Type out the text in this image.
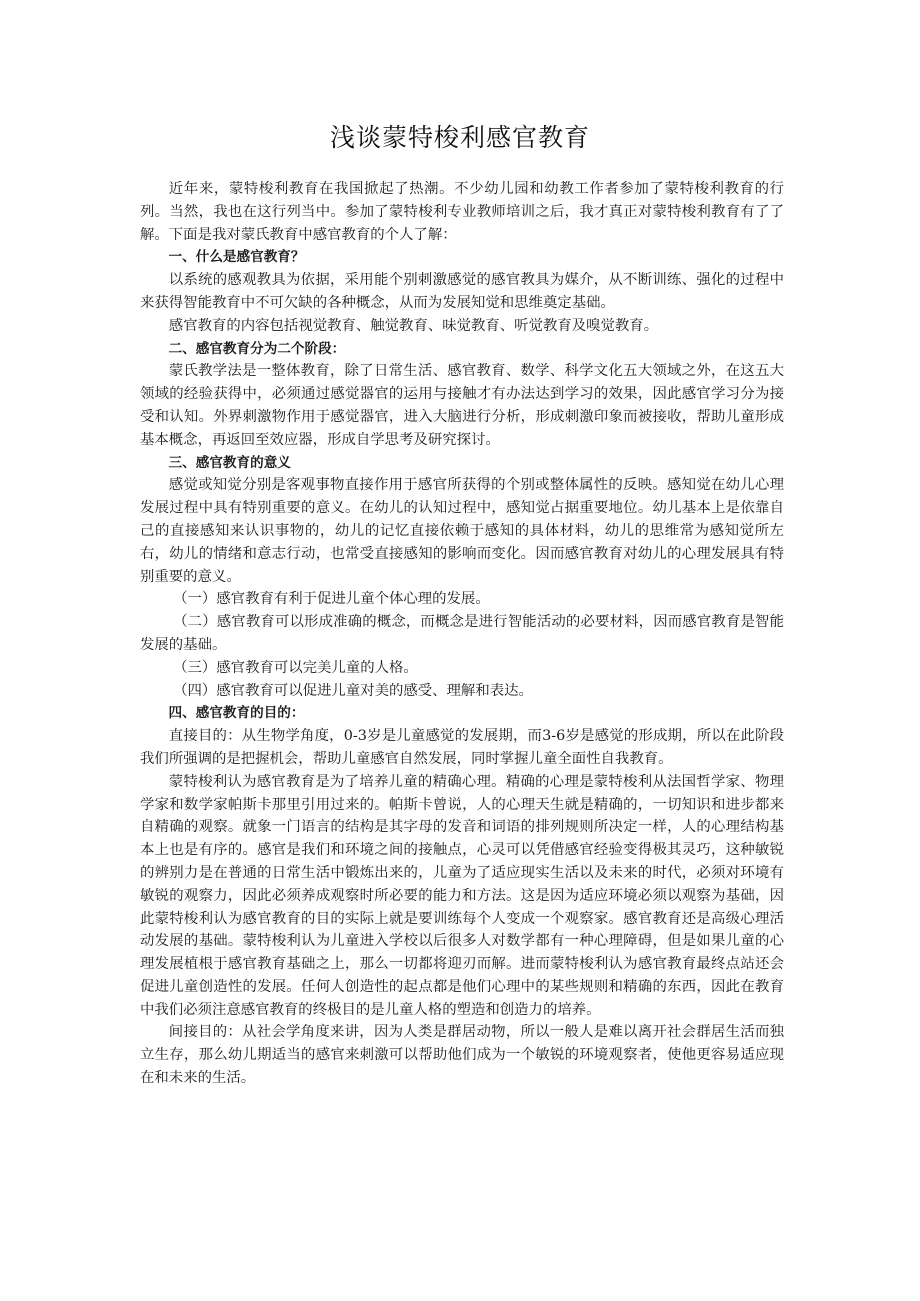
浅谈蒙特梭利感官教育

近年来，蒙特梭利教育在我国掀起了热潮。不少幼儿园和幼教工作者参加了蒙特梭利教育的行列。当然，我也在这行列当中。参加了蒙特梭利专业教师培训之后，我才真正对蒙特梭利教育有了了解。下面是我对蒙氏教育中感官教育的个人了解：

一、什么是感官教育？

以系统的感观教具为依据，采用能个别刺激感觉的感官教具为媒介，从不断训练、强化的过程中来获得智能教育中不可欠缺的各种概念，从而为发展知觉和思维奠定基础。

感官教育的内容包括视觉教育、触觉教育、味觉教育、听觉教育及嗅觉教育。

二、感官教育分为二个阶段：

蒙氏教学法是一整体教育，除了日常生活、感官教育、数学、科学文化五大领域之外，在这五大领域的经验获得中，必须通过感觉器官的运用与接触才有办法达到学习的效果，因此感官学习分为接受和认知。外界刺激物作用于感觉器官，进入大脑进行分析，形成刺激印象而被接收，帮助儿童形成基本概念，再返回至效应器，形成自学思考及研究探讨。

三、感官教育的意义

感觉或知觉分别是客观事物直接作用于感官所获得的个别或整体属性的反映。感知觉在幼儿心理发展过程中具有特别重要的意义。在幼儿的认知过程中，感知觉占据重要地位。幼儿基本上是依靠自己的直接感知来认识事物的，幼儿的记忆直接依赖于感知的具体材料，幼儿的思维常为感知觉所左右，幼儿的情绪和意志行动，也常受直接感知的影响而变化。因而感官教育对幼儿的心理发展具有特别重要的意义。

（一）感官教育有利于促进儿童个体心理的发展。

（二）感官教育可以形成准确的概念，而概念是进行智能活动的必要材料，因而感官教育是智能发展的基础。

（三）感官教育可以完美儿童的人格。

（四）感官教育可以促进儿童对美的感受、理解和表达。

四、感官教育的目的：

直接目的：从生物学角度，0-3岁是儿童感觉的发展期，而3-6岁是感觉的形成期，所以在此阶段我们所强调的是把握机会，帮助儿童感官自然发展，同时掌握儿童全面性自我教育。

蒙特梭利认为感官教育是为了培养儿童的精确心理。精确的心理是蒙特梭利从法国哲学家、物理学家和数学家帕斯卡那里引用过来的。帕斯卡曾说，人的心理天生就是精确的，一切知识和进步都来自精确的观察。就象一门语言的结构是其字母的发音和词语的排列规则所决定一样，人的心理结构基本上也是有序的。感官是我们和环境之间的接触点，心灵可以凭借感官经验变得极其灵巧，这种敏锐的辨别力是在普通的日常生活中锻炼出来的，儿童为了适应现实生活以及未来的时代，必须对环境有敏锐的观察力，因此必须养成观察时所必要的能力和方法。这是因为适应环境必须以观察为基础，因此蒙特梭利认为感官教育的目的实际上就是要训练每个人变成一个观察家。感官教育还是高级心理活动发展的基础。蒙特梭利认为儿童进入学校以后很多人对数学都有一种心理障碍，但是如果儿童的心理发展植根于感官教育基础之上，那么一切都将迎刃而解。进而蒙特梭利认为感官教育最终点站还会促进儿童创造性的发展。任何人创造性的起点都是他们心理中的某些规则和精确的东西，因此在教育中我们必须注意感官教育的终极目的是儿童人格的塑造和创造力的培养。

间接目的：从社会学角度来讲，因为人类是群居动物，所以一般人是难以离开社会群居生活而独立生存，那么幼儿期适当的感官来刺激可以帮助他们成为一个敏锐的环境观察者，使他更容易适应现在和未来的生活。
